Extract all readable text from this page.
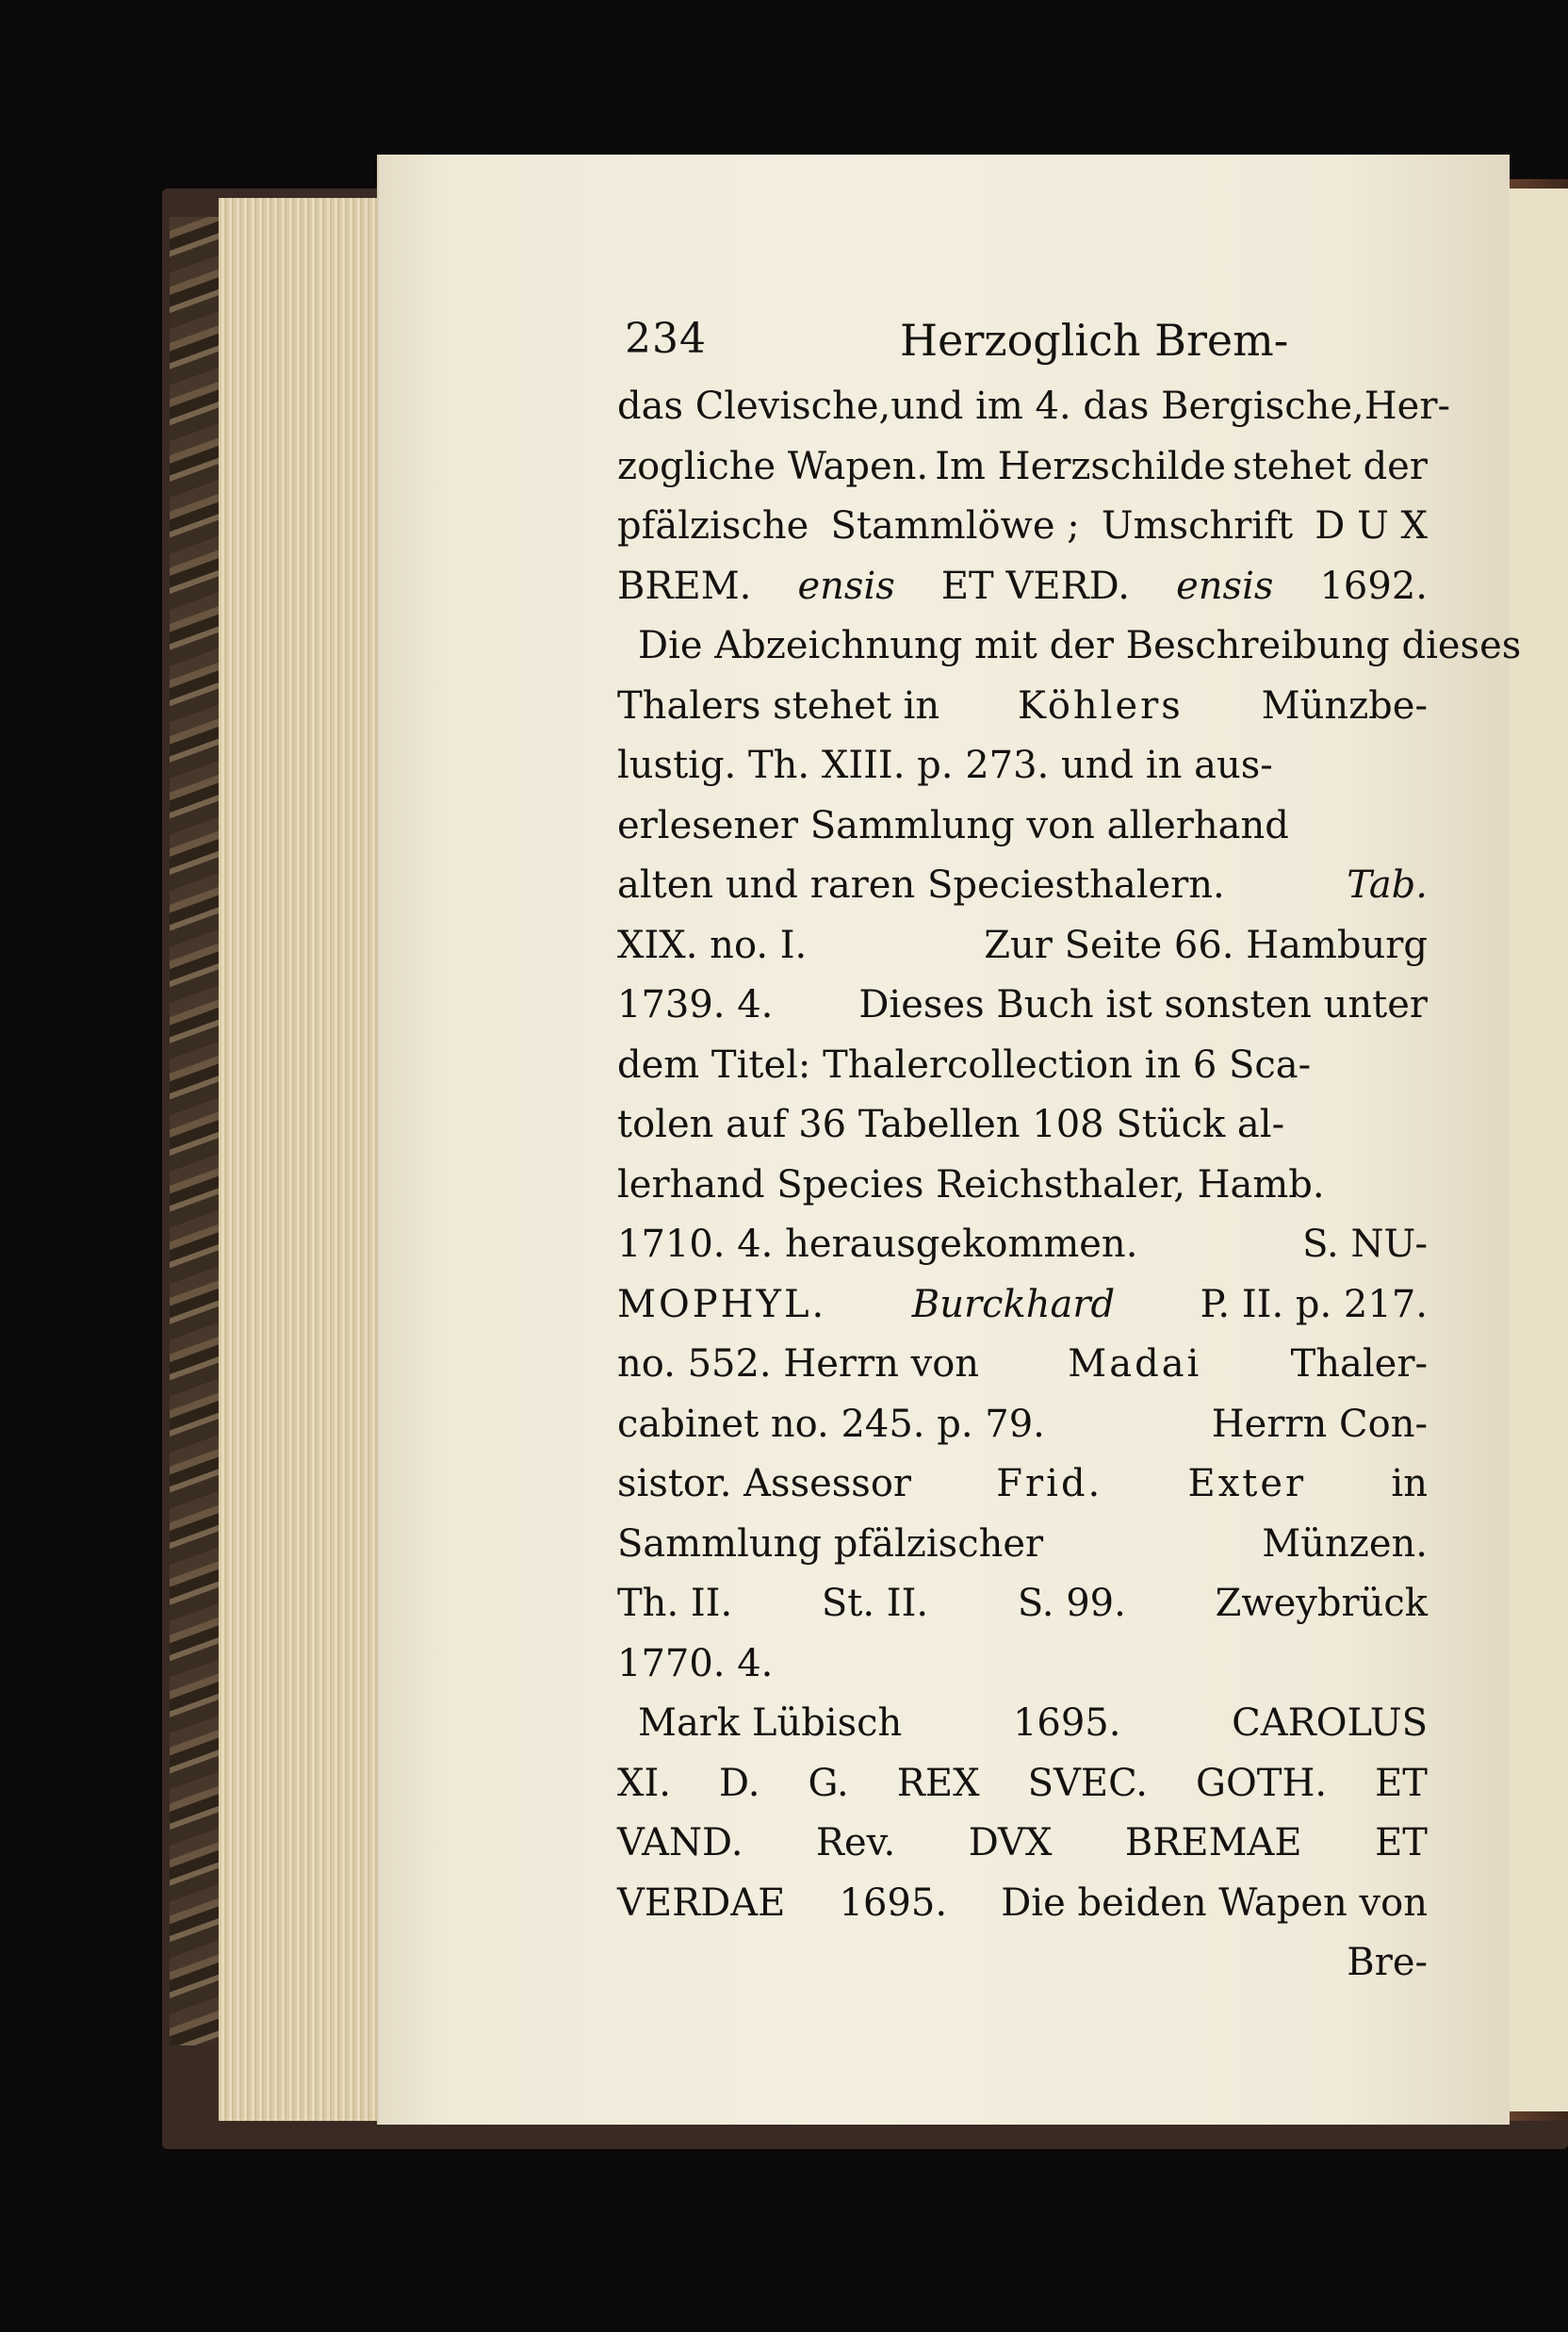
234	Herzoglich Brem-
das Clevische, und im 4. das Bergische, Her-
zogliche Wapen. Im Herzschilde stehet der
pfälzische Stammlöwe ; Umschrift D U X
BREM. ensis ET VERD. ensis 1692.
Die Abzeichnung mit der Beschreibung dieses
Thalers stehet in Köhlers Münzbe-
lustig. Th. XIII. p. 273. und in aus-
erlesener Sammlung von allerhand
alten und raren Speciesthalern.	Tab.
XIX. no. I.	Zur Seite 66. Hamburg
1739. 4. Dieses Buch ist sonsten unter
dem Titel: Thalercollection in 6 Sca-
tolen auf 36 Tabellen 108 Stück al-
lerhand Species Reichsthaler, Hamb.
1710. 4. herausgekommen.	S. NU-
MOPHYL. Burckhard P. II. p. 217.
no. 552. Herrn von Madai Thaler-
cabinet no. 245. p. 79.	Herrn Con-
sistor. Assessor Frid. Exter in
Sammlung pfälzischer	Münzen.
Th. II. St. II. S. 99. Zweybrück
1770. 4.
Mark Lübisch	1695.	CAROLUS
XI. D. G. REX SVEC. GOTH. ET
VAND. Rev. DVX BREMAE ET
VERDAE 1695. Die beiden Wapen von
Bre-
